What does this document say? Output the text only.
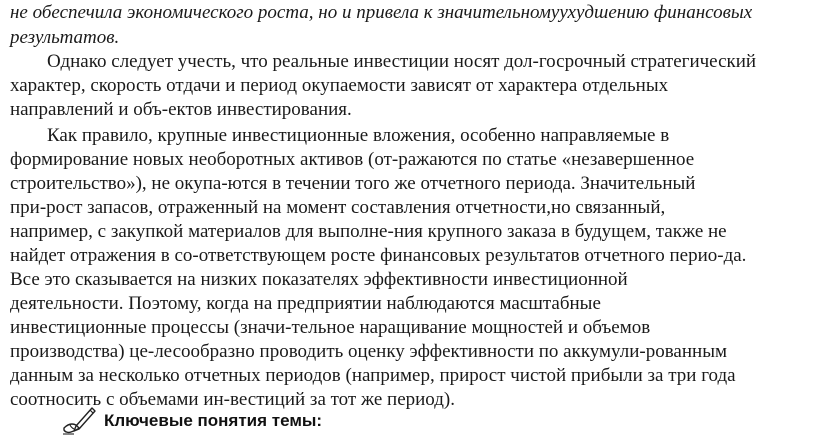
не обеспечила экономического роста, но и привела к значительномуухудшению финансовых
результатов.
Однако следует учесть, что реальные инвестиции носят дол-госрочный стратегический
характер, скорость отдачи и период окупаемости зависят от характера отдельных
направлений и объ-ектов инвестирования.
Как правило, крупные инвестиционные вложения, особенно направляемые в
формирование новых необоротных активов (от-ражаются по статье «незавершенное
строительство»), не окупа-ются в течении того же отчетного периода. Значительный
при-рост запасов, отраженный на момент составления отчетности,но связанный,
например, с закупкой материалов для выполне-ния крупного заказа в будущем, также не
найдет отражения в со-ответствующем росте финансовых результатов отчетного перио-да.
Все это сказывается на низких показателях эффективности инвестиционной
деятельности. Поэтому, когда на предприятии наблюдаются масштабные
инвестиционные процессы (значи-тельное наращивание мощностей и объемов
производства) це-лесообразно проводить оценку эффективности по аккумули-рованным
данным за несколько отчетных периодов (например, прирост чистой прибыли за три года
соотносить с объемами ин-вестиций за тот же период).
Ключевые понятия темы:
